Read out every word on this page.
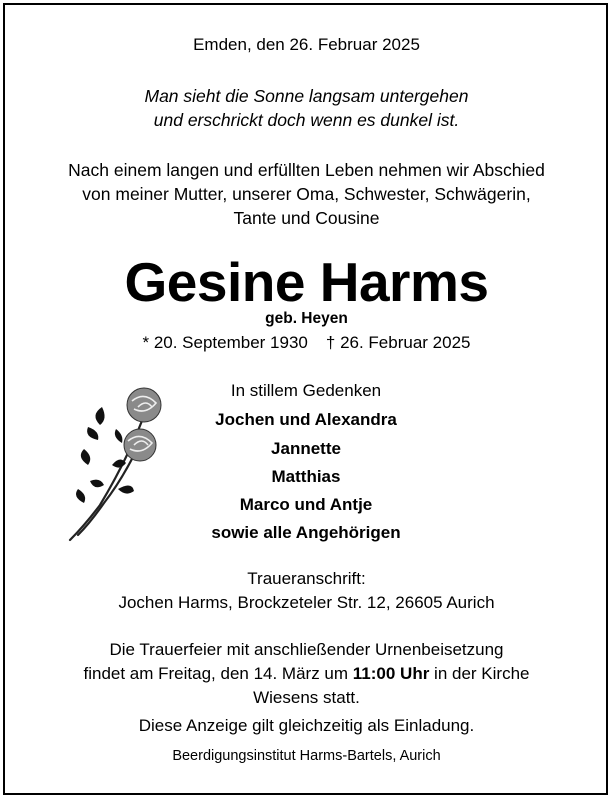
Emden, den 26. Februar 2025
Man sieht die Sonne langsam untergehen
und erschrickt doch wenn es dunkel ist.
Nach einem langen und erfüllten Leben nehmen wir Abschied
von meiner Mutter, unserer Oma, Schwester, Schwägerin,
Tante und Cousine
Gesine Harms
geb. Heyen
* 20. September 1930 † 26. Februar 2025
In stillem Gedenken
Jochen und Alexandra
Jannette
Matthias
Marco und Antje
sowie alle Angehörigen
Traueranschrift:
Jochen Harms, Brockzeteler Str. 12, 26605 Aurich
Die Trauerfeier mit anschließender Urnenbeisetzung
findet am Freitag, den 14. März um 11:00 Uhr in der Kirche
Wiesens statt.
Diese Anzeige gilt gleichzeitig als Einladung.
Beerdigungsinstitut Harms-Bartels, Aurich
